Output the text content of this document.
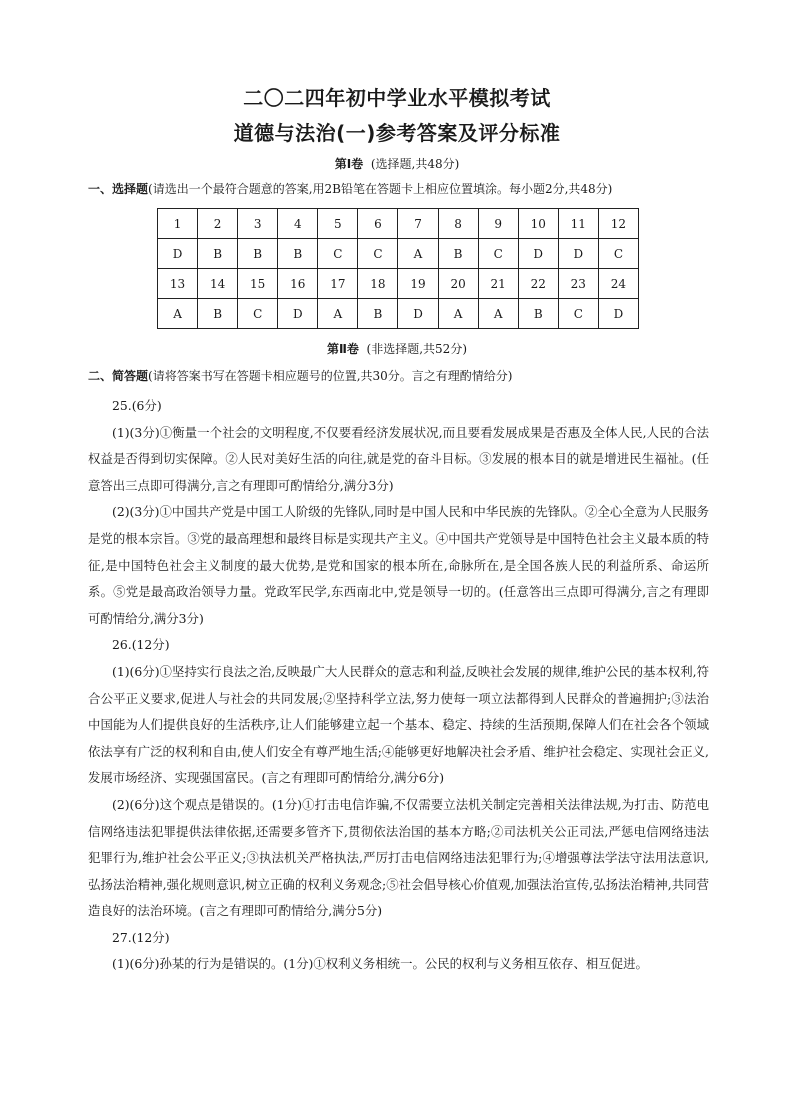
二〇二四年初中学业水平模拟考试
道德与法治(一)参考答案及评分标准
第Ⅰ卷 (选择题,共48分)
一、选择题(请选出一个最符合题意的答案,用2B铅笔在答题卡上相应位置填涂。每小题2分,共48分)
1	2	3	4	5	6	7	8	9	10	11	12
D	B	B	B	C	C	A	B	C	D	D	C
13	14	15	16	17	18	19	20	21	22	23	24
A	B	C	D	A	B	D	A	A	B	C	D
第Ⅱ卷 (非选择题,共52分)
二、简答题(请将答案书写在答题卡相应题号的位置,共30分。言之有理酌情给分)

25.(6分)

(1)(3分)①衡量一个社会的文明程度,不仅要看经济发展状况,而且要看发展成果是否惠及全体人民,人民的合法权益是否得到切实保障。②人民对美好生活的向往,就是党的奋斗目标。③发展的根本目的就是增进民生福祉。(任意答出三点即可得满分,言之有理即可酌情给分,满分3分)

(2)(3分)①中国共产党是中国工人阶级的先锋队,同时是中国人民和中华民族的先锋队。②全心全意为人民服务是党的根本宗旨。③党的最高理想和最终目标是实现共产主义。④中国共产党领导是中国特色社会主义最本质的特征,是中国特色社会主义制度的最大优势,是党和国家的根本所在,命脉所在,是全国各族人民的利益所系、命运所系。⑤党是最高政治领导力量。党政军民学,东西南北中,党是领导一切的。(任意答出三点即可得满分,言之有理即可酌情给分,满分3分)

26.(12分)

(1)(6分)①坚持实行良法之治,反映最广大人民群众的意志和利益,反映社会发展的规律,维护公民的基本权利,符合公平正义要求,促进人与社会的共同发展;②坚持科学立法,努力使每一项立法都得到人民群众的普遍拥护;③法治中国能为人们提供良好的生活秩序,让人们能够建立起一个基本、稳定、持续的生活预期,保障人们在社会各个领域依法享有广泛的权利和自由,使人们安全有尊严地生活;④能够更好地解决社会矛盾、维护社会稳定、实现社会正义,发展市场经济、实现强国富民。(言之有理即可酌情给分,满分6分)

(2)(6分)这个观点是错误的。(1分)①打击电信诈骗,不仅需要立法机关制定完善相关法律法规,为打击、防范电信网络违法犯罪提供法律依据,还需要多管齐下,贯彻依法治国的基本方略;②司法机关公正司法,严惩电信网络违法犯罪行为,维护社会公平正义;③执法机关严格执法,严厉打击电信网络违法犯罪行为;④增强尊法学法守法用法意识,弘扬法治精神,强化规则意识,树立正确的权利义务观念;⑤社会倡导核心价值观,加强法治宣传,弘扬法治精神,共同营造良好的法治环境。(言之有理即可酌情给分,满分5分)

27.(12分)

(1)(6分)孙某的行为是错误的。(1分)①权利义务相统一。公民的权利与义务相互依存、相互促进。
